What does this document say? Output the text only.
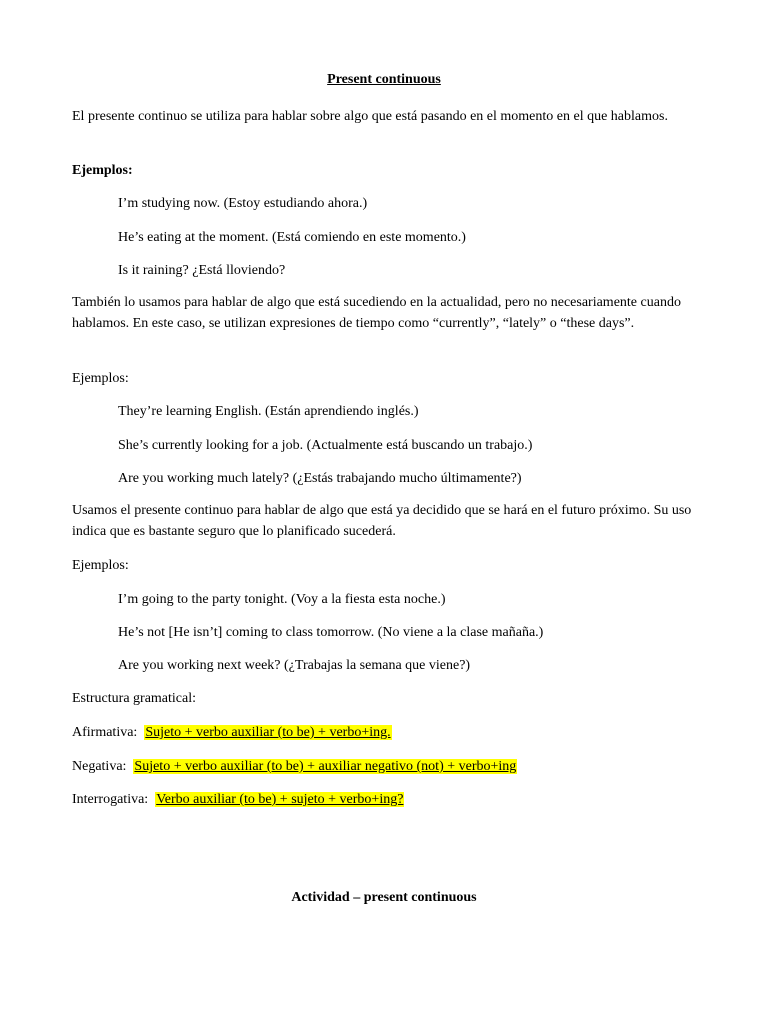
Present continuous

El presente continuo se utiliza para hablar sobre algo que está pasando en el momento en el que hablamos.

Ejemplos:

I’m studying now. (Estoy estudiando ahora.)

He’s eating at the moment. (Está comiendo en este momento.)

Is it raining? ¿Está lloviendo?

También lo usamos para hablar de algo que está sucediendo en la actualidad, pero no necesariamente cuando hablamos. En este caso, se utilizan expresiones de tiempo como “currently”, “lately” o “these days”.

Ejemplos:

They’re learning English. (Están aprendiendo inglés.)

She’s currently looking for a job. (Actualmente está buscando un trabajo.)

Are you working much lately? (¿Estás trabajando mucho últimamente?)

Usamos el presente continuo para hablar de algo que está ya decidido que se hará en el futuro próximo. Su uso indica que es bastante seguro que lo planificado sucederá.

Ejemplos:

I’m going to the party tonight. (Voy a la fiesta esta noche.)

He’s not [He isn’t] coming to class tomorrow. (No viene a la clase mañaña.)

Are you working next week? (¿Trabajas la semana que viene?)

Estructura gramatical:

Afirmativa: Sujeto + verbo auxiliar (to be) + verbo+ing.

Negativa: Sujeto + verbo auxiliar (to be) + auxiliar negativo (not) + verbo+ing

Interrogativa: Verbo auxiliar (to be) + sujeto + verbo+ing?

Actividad – present continuous
